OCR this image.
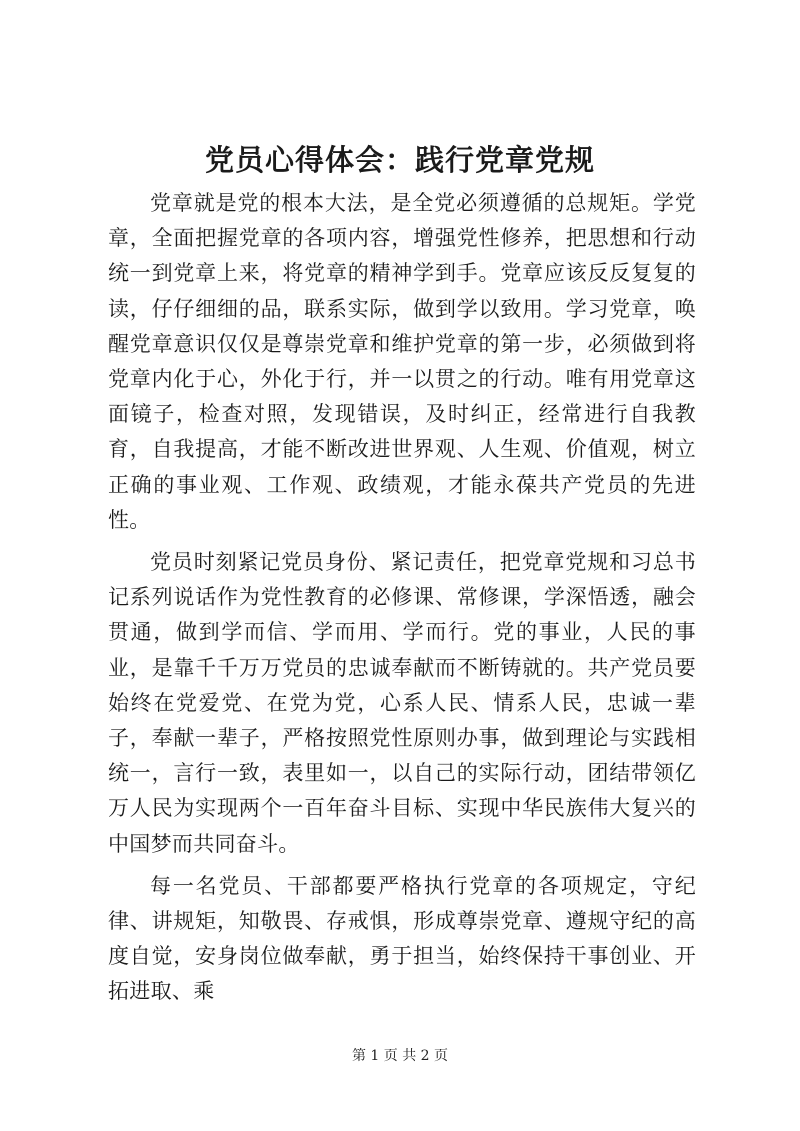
党员心得体会：践行党章党规

党章就是党的根本大法，是全党必须遵循的总规矩。学党章，全面把握党章的各项内容，增强党性修养，把思想和行动统一到党章上来，将党章的精神学到手。党章应该反反复复的读，仔仔细细的品，联系实际，做到学以致用。学习党章，唤醒党章意识仅仅是尊崇党章和维护党章的第一步，必须做到将党章内化于心，外化于行，并一以贯之的行动。唯有用党章这面镜子，检查对照，发现错误，及时纠正，经常进行自我教育，自我提高，才能不断改进世界观、人生观、价值观，树立正确的事业观、工作观、政绩观，才能永葆共产党员的先进性。

党员时刻紧记党员身份、紧记责任，把党章党规和习总书记系列说话作为党性教育的必修课、常修课，学深悟透，融会贯通，做到学而信、学而用、学而行。党的事业，人民的事业，是靠千千万万党员的忠诚奉献而不断铸就的。共产党员要始终在党爱党、在党为党，心系人民、情系人民，忠诚一辈子，奉献一辈子，严格按照党性原则办事，做到理论与实践相统一，言行一致，表里如一，以自己的实际行动，团结带领亿万人民为实现两个一百年奋斗目标、实现中华民族伟大复兴的中国梦而共同奋斗。

每一名党员、干部都要严格执行党章的各项规定，守纪律、讲规矩，知敬畏、存戒惧，形成尊崇党章、遵规守纪的高度自觉，安身岗位做奉献，勇于担当，始终保持干事创业、开拓进取、乘

第 1 页 共 2 页
